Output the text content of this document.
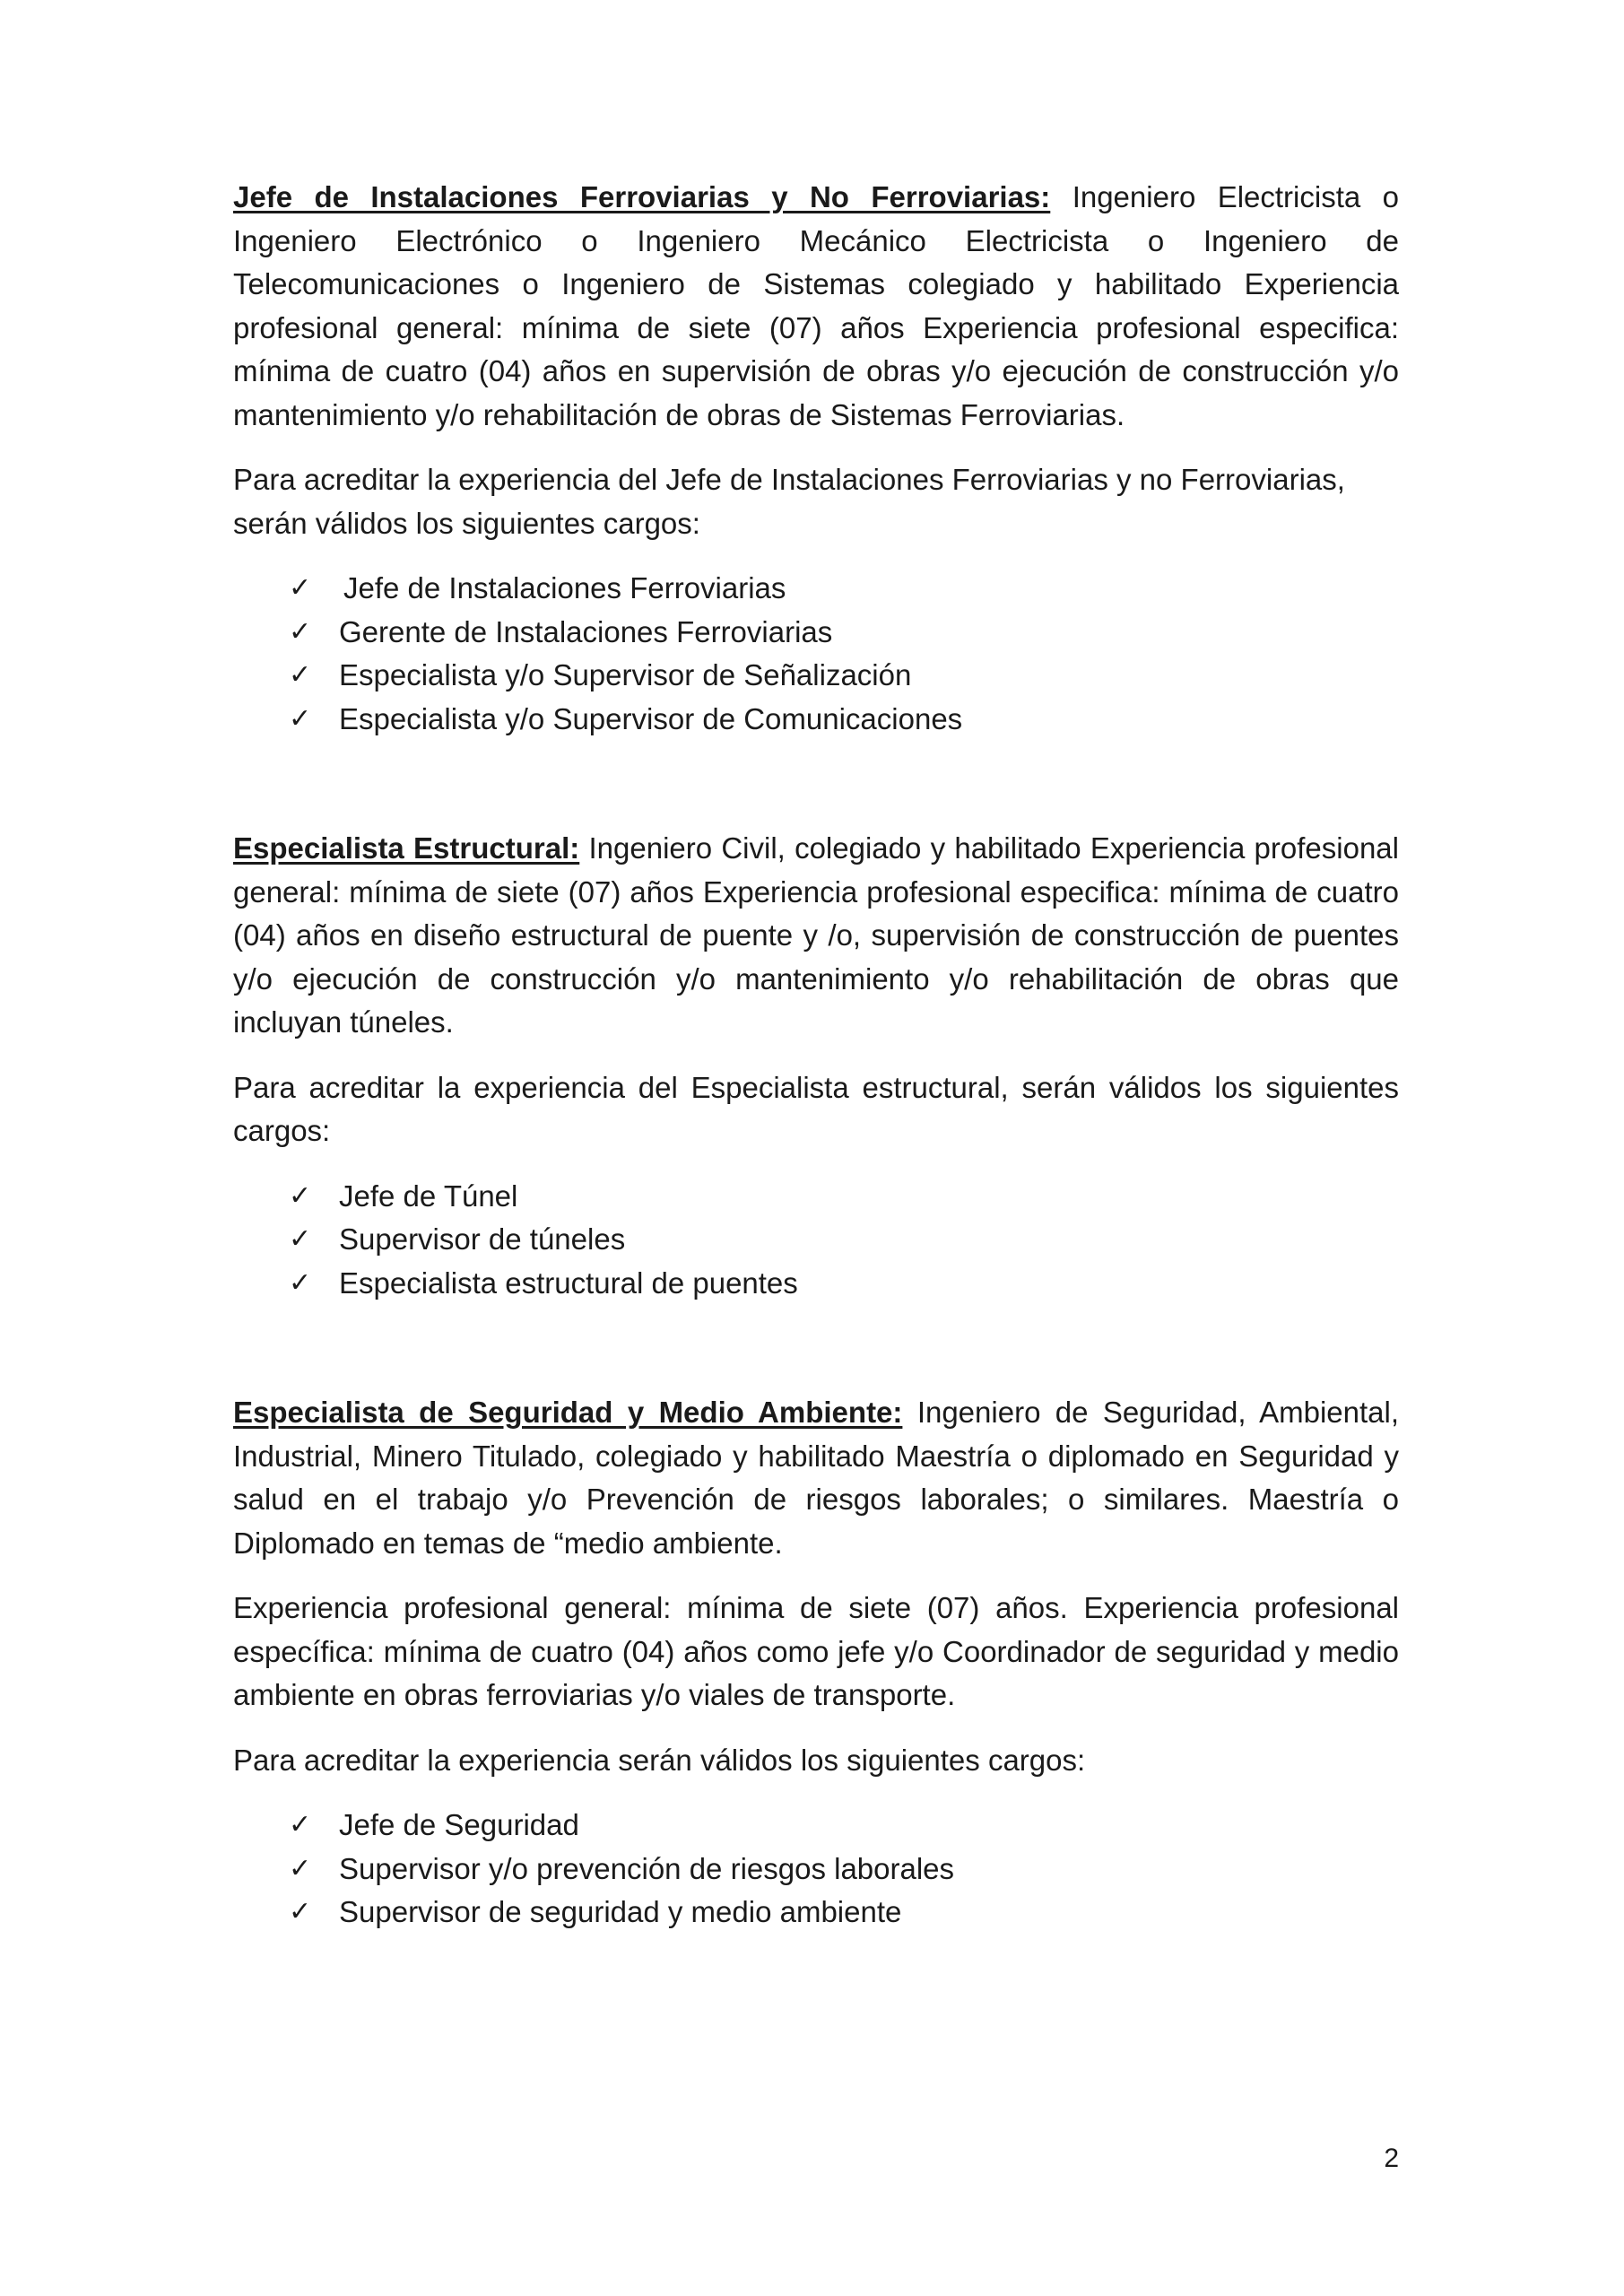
Jefe de Instalaciones Ferroviarias y No Ferroviarias: Ingeniero Electricista o Ingeniero Electrónico o Ingeniero Mecánico Electricista o Ingeniero de Telecomunicaciones o Ingeniero de Sistemas colegiado y habilitado Experiencia profesional general: mínima de siete (07) años Experiencia profesional especifica: mínima de cuatro (04) años en supervisión de obras y/o ejecución de construcción y/o mantenimiento y/o rehabilitación de obras de Sistemas Ferroviarias.

Para acreditar la experiencia del Jefe de Instalaciones Ferroviarias y no Ferroviarias, serán válidos los siguientes cargos:

✓ Jefe de Instalaciones Ferroviarias
✓ Gerente de Instalaciones Ferroviarias
✓ Especialista y/o Supervisor de Señalización
✓ Especialista y/o Supervisor de Comunicaciones

Especialista Estructural: Ingeniero Civil, colegiado y habilitado Experiencia profesional general: mínima de siete (07) años Experiencia profesional especifica: mínima de cuatro (04) años en diseño estructural de puente y /o, supervisión de construcción de puentes y/o ejecución de construcción y/o mantenimiento y/o rehabilitación de obras que incluyan túneles.

Para acreditar la experiencia del Especialista estructural, serán válidos los siguientes cargos:

✓ Jefe de Túnel
✓ Supervisor de túneles
✓ Especialista estructural de puentes

Especialista de Seguridad y Medio Ambiente: Ingeniero de Seguridad, Ambiental, Industrial, Minero Titulado, colegiado y habilitado Maestría o diplomado en Seguridad y salud en el trabajo y/o Prevención de riesgos laborales; o similares. Maestría o Diplomado en temas de “medio ambiente.

Experiencia profesional general: mínima de siete (07) años. Experiencia profesional específica: mínima de cuatro (04) años como jefe y/o Coordinador de seguridad y medio ambiente en obras ferroviarias y/o viales de transporte.

Para acreditar la experiencia serán válidos los siguientes cargos:

✓ Jefe de Seguridad
✓ Supervisor y/o prevención de riesgos laborales
✓ Supervisor de seguridad y medio ambiente
2
